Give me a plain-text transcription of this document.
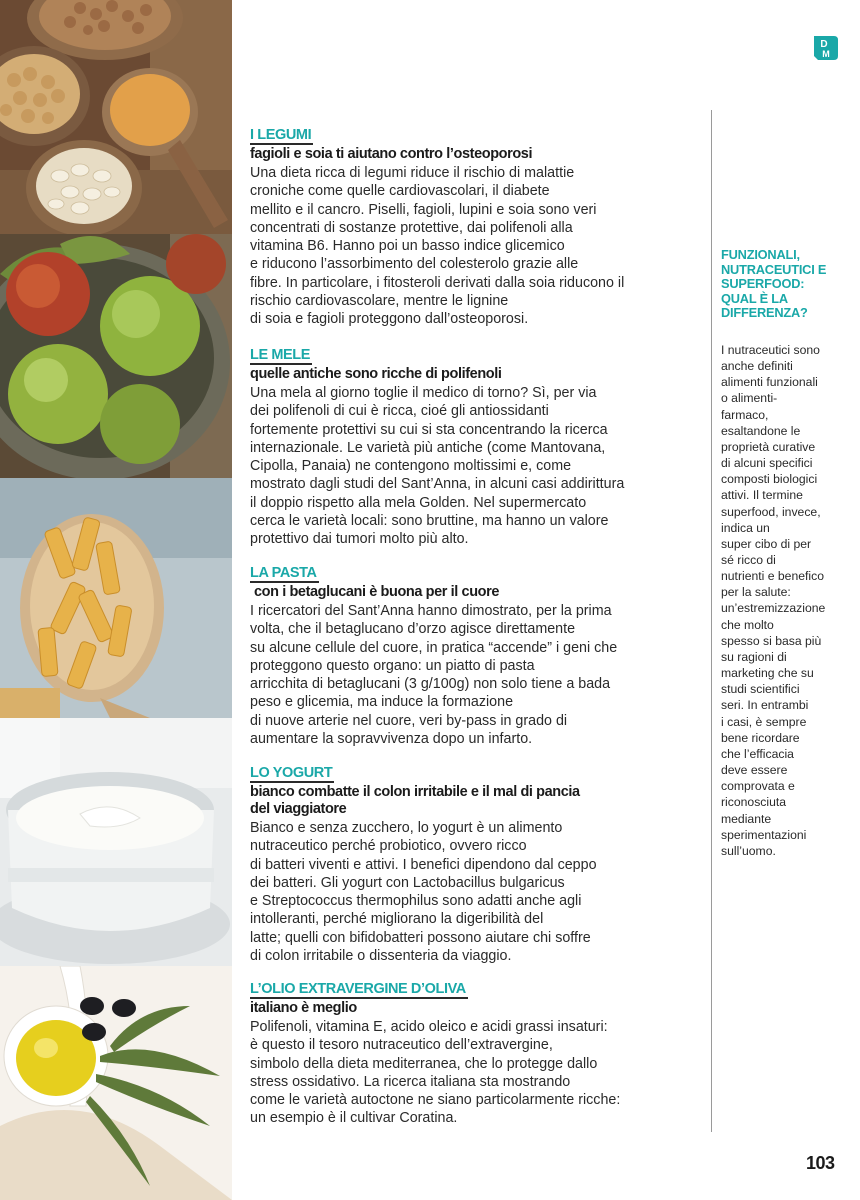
D
M
I LEGUMI
fagioli e soia ti aiutano contro l’osteoporosi
Una dieta ricca di legumi riduce il rischio di malattie
croniche come quelle cardiovascolari, il diabete
mellito e il cancro. Piselli, fagioli, lupini e soia sono veri
concentrati di sostanze protettive, dai polifenoli alla
vitamina B6. Hanno poi un basso indice glicemico
e riducono l’assorbimento del colesterolo grazie alle
fibre. In particolare, i fitosteroli derivati dalla soia riducono il
rischio cardiovascolare, mentre le lignine
di soia e fagioli proteggono dall’osteoporosi.
LE MELE
quelle antiche sono ricche di polifenoli
Una mela al giorno toglie il medico di torno? Sì, per via
dei polifenoli di cui è ricca, cioé gli antiossidanti
fortemente protettivi su cui si sta concentrando la ricerca
internazionale. Le varietà più antiche (come Mantovana,
Cipolla, Panaia) ne contengono moltissimi e, come
mostrato dagli studi del Sant’Anna, in alcuni casi addirittura
il doppio rispetto alla mela Golden. Nel supermercato
cerca le varietà locali: sono bruttine, ma hanno un valore
protettivo dai tumori molto più alto.
LA PASTA
con i betaglucani è buona per il cuore
I ricercatori del Sant’Anna hanno dimostrato, per la prima
volta, che il betaglucano d’orzo agisce direttamente
su alcune cellule del cuore, in pratica “accende” i geni che
proteggono questo organo: un piatto di pasta
arricchita di betaglucani (3 g/100g) non solo tiene a bada
peso e glicemia, ma induce la formazione
di nuove arterie nel cuore, veri by-pass in grado di
aumentare la sopravvivenza dopo un infarto.
LO YOGURT
bianco combatte il colon irritabile e il mal di pancia
del viaggiatore
Bianco e senza zucchero, lo yogurt è un alimento
nutraceutico perché probiotico, ovvero ricco
di batteri viventi e attivi. I benefici dipendono dal ceppo
dei batteri. Gli yogurt con Lactobacillus bulgaricus
e Streptococcus thermophilus sono adatti anche agli
intolleranti, perché migliorano la digeribilità del
latte; quelli con bifidobatteri possono aiutare chi soffre
di colon irritabile o dissenteria da viaggio.
L’OLIO EXTRAVERGINE D’OLIVA
italiano è meglio
Polifenoli, vitamina E, acido oleico e acidi grassi insaturi:
è questo il tesoro nutraceutico dell’extravergine,
simbolo della dieta mediterranea, che lo protegge dallo
stress ossidativo. La ricerca italiana sta mostrando
come le varietà autoctone ne siano particolarmente ricche:
un esempio è il cultivar Coratina.
FUNZIONALI,
NUTRACEUTICI E
SUPERFOOD:
QUAL È LA
DIFFERENZA?
I nutraceutici sono
anche definiti
alimenti funzionali
o alimenti-
farmaco,
esaltandone le
proprietà curative
di alcuni specifici
composti biologici
attivi. Il termine
superfood, invece,
indica un
super cibo di per
sé ricco di
nutrienti e benefico
per la salute:
un’estremizzazione
che molto
spesso si basa più
su ragioni di
marketing che su
studi scientifici
seri. In entrambi
i casi, è sempre
bene ricordare
che l’efficacia
deve essere
comprovata e
riconosciuta
mediante
sperimentazioni
sull’uomo.
103
